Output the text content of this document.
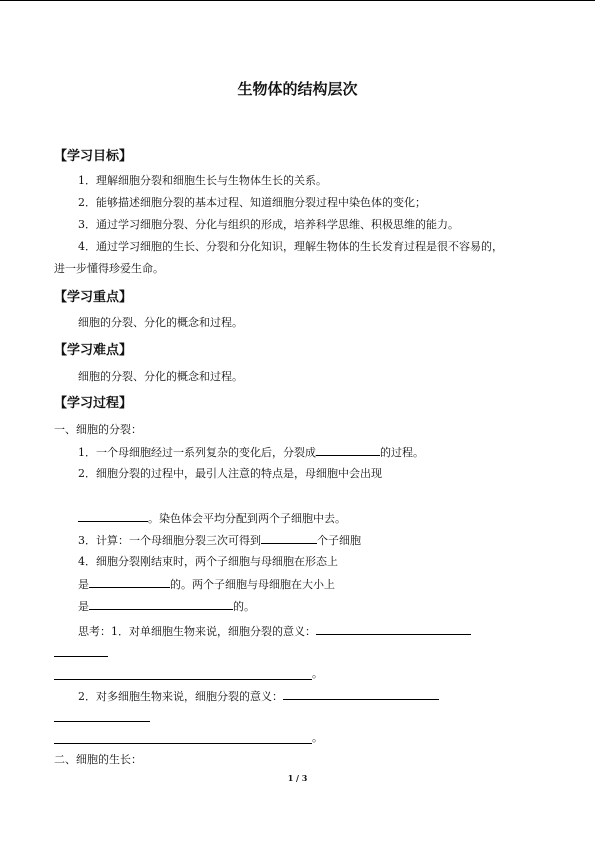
生物体的结构层次
【学习目标】
1．理解细胞分裂和细胞生长与生物体生长的关系。
2．能够描述细胞分裂的基本过程、知道细胞分裂过程中染色体的变化；
3．通过学习细胞分裂、分化与组织的形成，培养科学思维、积极思维的能力。
4．通过学习细胞的生长、分裂和分化知识，理解生物体的生长发育过程是很不容易的，
进一步懂得珍爱生命。
【学习重点】
细胞的分裂、分化的概念和过程。
【学习难点】
细胞的分裂、分化的概念和过程。
【学习过程】
一、细胞的分裂：
1．一个母细胞经过一系列复杂的变化后，分裂成	的过程。
2．细胞分裂的过程中，最引人注意的特点是，母细胞中会出现
。染色体会平均分配到两个子细胞中去。
3．计算：一个母细胞分裂三次可得到	个子细胞
4．细胞分裂刚结束时，两个子细胞与母细胞在形态上
是	的。两个子细胞与母细胞在大小上
是	的。
思考：1．对单细胞生物来说，细胞分裂的意义：
。
2．对多细胞生物来说，细胞分裂的意义：
。
二、细胞的生长：
1 / 3
